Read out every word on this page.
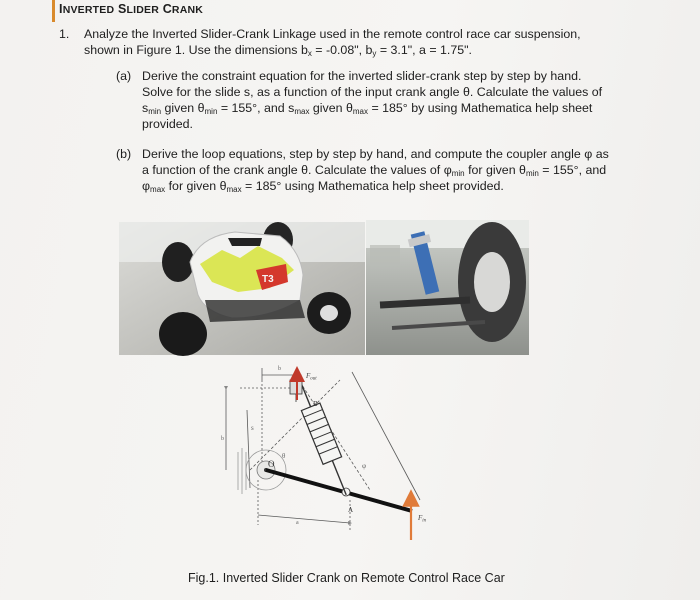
INVERTED SLIDER CRANK
1. Analyze the Inverted Slider-Crank Linkage used in the remote control race car suspension,
shown in Figure 1. Use the dimensions $b_x = -0.08$", $b_y = 3.1$", a = 1.75".
(a) Derive the constraint equation for the inverted slider-crank step by step by hand.
Solve for the slide s, as a function of the input crank angle θ. Calculate the values of
$s_{min}$ given $\theta_{min} = 155^\circ$, and $s_{max}$ given $\theta_{max} = 185^\circ$ by using Mathematica help sheet
provided.
(b) Derive the loop equations, step by step by hand, and compute the coupler angle φ as
a function of the crank angle θ. Calculate the values of $\varphi_{min}$ for given $\theta_{min} = 155^\circ$, and
$\varphi_{max}$ for given $\theta_{max} = 185^\circ$ using Mathematica help sheet provided.
T3
b
b
a
s
θ
φ
O
A
B
$F_{out}$
$F_{in}$
Fig.1. Inverted Slider Crank on Remote Control Race Car
